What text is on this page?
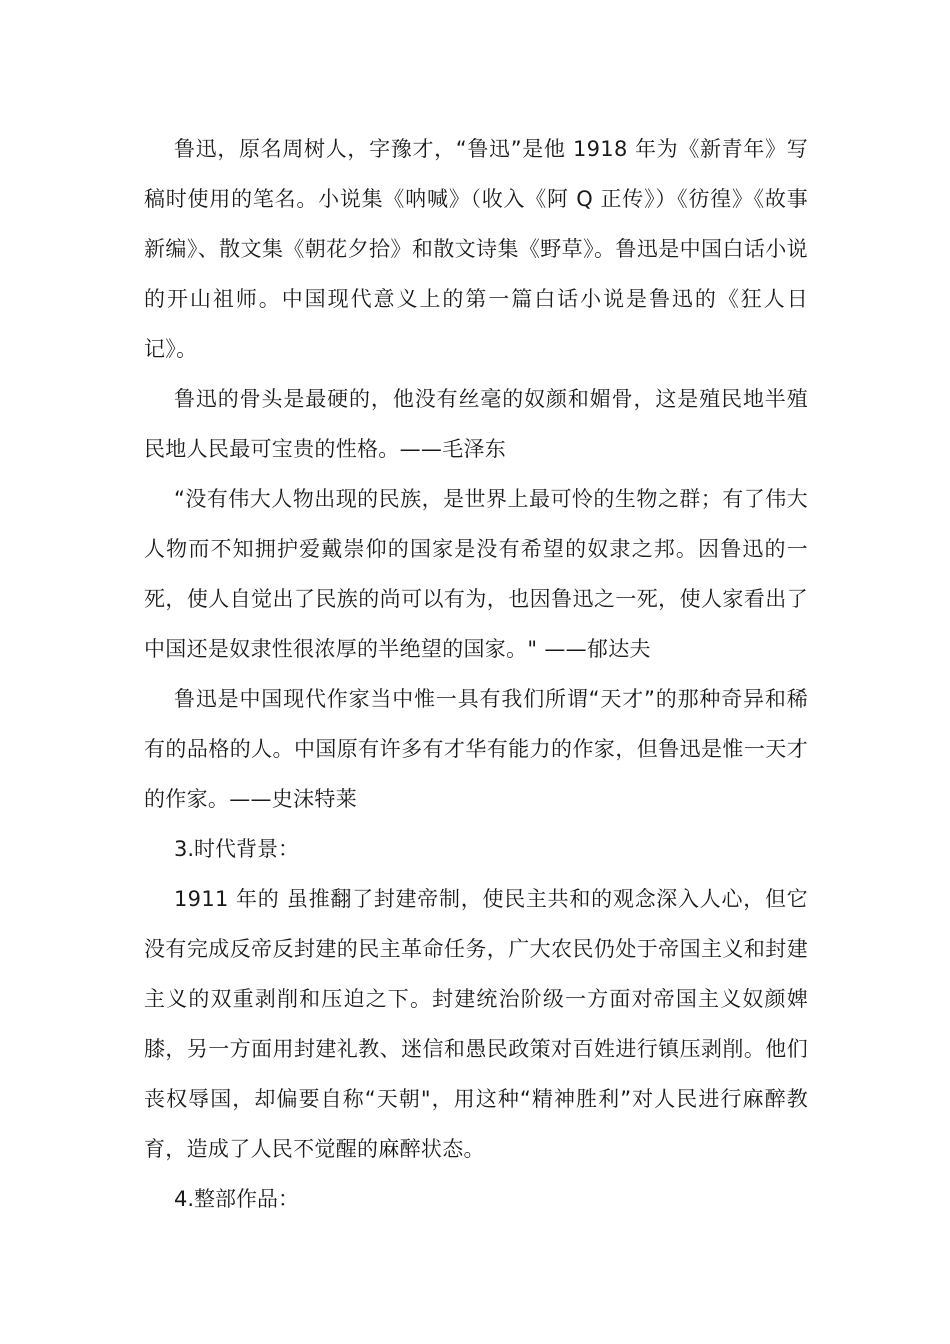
鲁迅，原名周树人，字豫才，“鲁迅”是他 1918 年为《新青年》写稿时使用的笔名。小说集《呐喊》（收入《阿 Q 正传》）《彷徨》《故事新编》、散文集《朝花夕拾》和散文诗集《野草》。鲁迅是中国白话小说的开山祖师。中国现代意义上的第一篇白话小说是鲁迅的《狂人日记》。

鲁迅的骨头是最硬的，他没有丝毫的奴颜和媚骨，这是殖民地半殖民地人民最可宝贵的性格。——毛泽东

“没有伟大人物出现的民族，是世界上最可怜的生物之群；有了伟大人物而不知拥护爱戴崇仰的国家是没有希望的奴隶之邦。因鲁迅的一死，使人自觉出了民族的尚可以有为，也因鲁迅之一死，使人家看出了中国还是奴隶性很浓厚的半绝望的国家。" ——郁达夫

鲁迅是中国现代作家当中惟一具有我们所谓“天才”的那种奇异和稀有的品格的人。中国原有许多有才华有能力的作家，但鲁迅是惟一天才的作家。——史沫特莱

3.时代背景：

1911 年的 虽推翻了封建帝制，使民主共和的观念深入人心，但它没有完成反帝反封建的民主革命任务，广大农民仍处于帝国主义和封建主义的双重剥削和压迫之下。封建统治阶级一方面对帝国主义奴颜婢膝，另一方面用封建礼教、迷信和愚民政策对百姓进行镇压剥削。他们丧权辱国，却偏要自称“天朝"，用这种“精神胜利”对人民进行麻醉教育，造成了人民不觉醒的麻醉状态。

4.整部作品：
